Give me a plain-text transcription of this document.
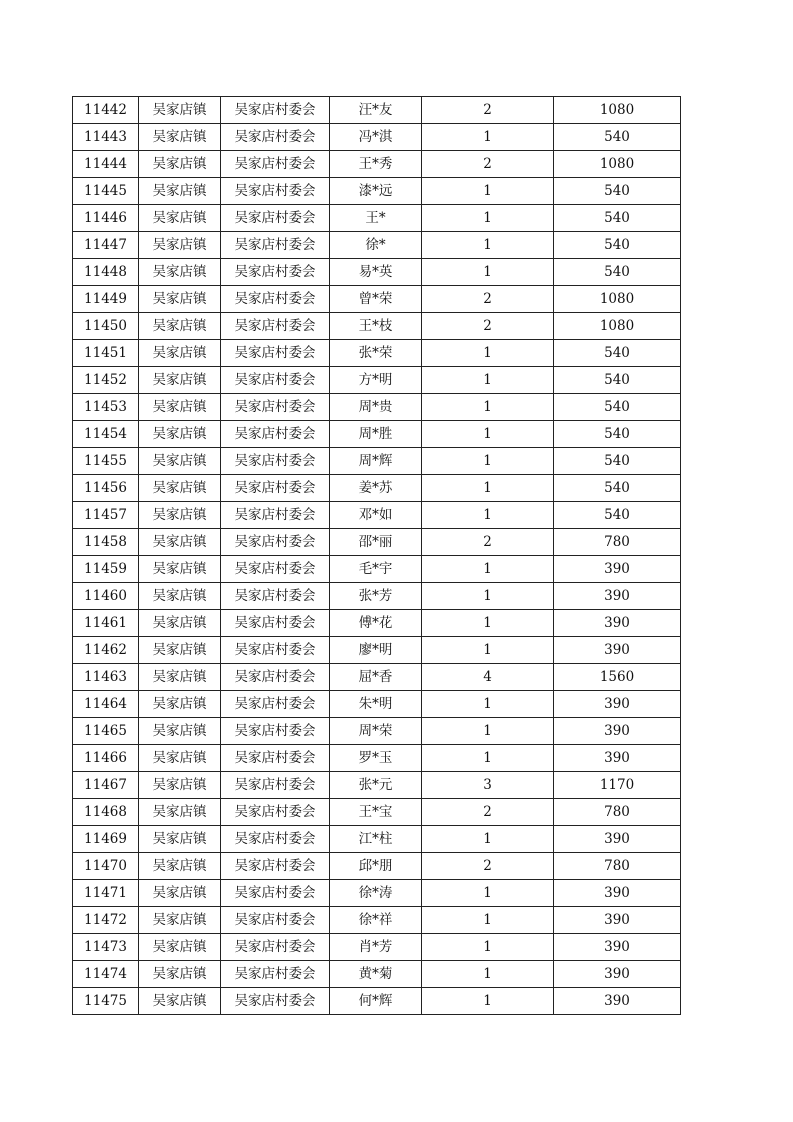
11442	吴家店镇	吴家店村委会	汪*友	2	1080
11443	吴家店镇	吴家店村委会	冯*淇	1	540
11444	吴家店镇	吴家店村委会	王*秀	2	1080
11445	吴家店镇	吴家店村委会	漆*远	1	540
11446	吴家店镇	吴家店村委会	王*	1	540
11447	吴家店镇	吴家店村委会	徐*	1	540
11448	吴家店镇	吴家店村委会	易*英	1	540
11449	吴家店镇	吴家店村委会	曾*荣	2	1080
11450	吴家店镇	吴家店村委会	王*枝	2	1080
11451	吴家店镇	吴家店村委会	张*荣	1	540
11452	吴家店镇	吴家店村委会	方*明	1	540
11453	吴家店镇	吴家店村委会	周*贵	1	540
11454	吴家店镇	吴家店村委会	周*胜	1	540
11455	吴家店镇	吴家店村委会	周*辉	1	540
11456	吴家店镇	吴家店村委会	姜*苏	1	540
11457	吴家店镇	吴家店村委会	邓*如	1	540
11458	吴家店镇	吴家店村委会	邵*丽	2	780
11459	吴家店镇	吴家店村委会	毛*宇	1	390
11460	吴家店镇	吴家店村委会	张*芳	1	390
11461	吴家店镇	吴家店村委会	傅*花	1	390
11462	吴家店镇	吴家店村委会	廖*明	1	390
11463	吴家店镇	吴家店村委会	屈*香	4	1560
11464	吴家店镇	吴家店村委会	朱*明	1	390
11465	吴家店镇	吴家店村委会	周*荣	1	390
11466	吴家店镇	吴家店村委会	罗*玉	1	390
11467	吴家店镇	吴家店村委会	张*元	3	1170
11468	吴家店镇	吴家店村委会	王*宝	2	780
11469	吴家店镇	吴家店村委会	江*柱	1	390
11470	吴家店镇	吴家店村委会	邱*朋	2	780
11471	吴家店镇	吴家店村委会	徐*涛	1	390
11472	吴家店镇	吴家店村委会	徐*祥	1	390
11473	吴家店镇	吴家店村委会	肖*芳	1	390
11474	吴家店镇	吴家店村委会	黄*菊	1	390
11475	吴家店镇	吴家店村委会	何*辉	1	390
